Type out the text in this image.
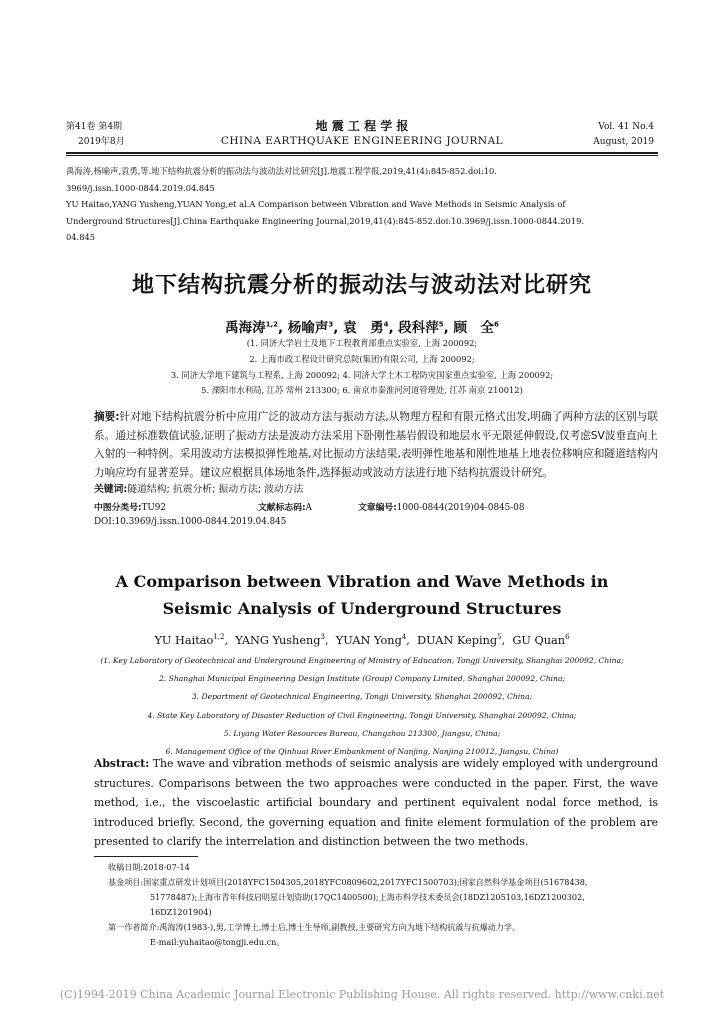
第41卷 第4期
2019年8月
地 震 工 程 学 报
CHINA EARTHQUAKE ENGINEERING JOURNAL
Vol. 41 No.4
August, 2019

禹海涛,杨喻声,袁勇,等.地下结构抗震分析的振动法与波动法对比研究[J].地震工程学报,2019,41(4):845-852.doi:10.

3969/j.issn.1000-0844.2019.04.845

YU Haitao,YANG Yusheng,YUAN Yong,et al.A Comparison between Vibration and Wave Methods in Seismic Analysis of

Underground Structures[J].China Earthquake Engineering Journal,2019,41(4):845-852.doi:10.3969/j.issn.1000-0844.2019.

04.845

地下结构抗震分析的振动法与波动法对比研究
禹海涛$^{1,2}$, 杨喻声$^3$, 袁　勇$^4$, 段科萍$^5$, 顾　全$^6$
(1. 同济大学岩土及地下工程教育部重点实验室, 上海 200092;
2. 上海市政工程设计研究总院(集团)有限公司, 上海 200092;
3. 同济大学地下建筑与工程系, 上海 200092; 4. 同济大学土木工程防灾国家重点实验室, 上海 200092;
5. 溧阳市水利局, 江苏 常州 213300; 6. 南京市秦淮河河道管理处, 江苏 南京 210012)
摘要:针对地下结构抗震分析中应用广泛的波动方法与振动方法,从物理方程和有限元格式出发,明确了两种方法的区别与联系。通过标准数值试验,证明了振动方法是波动方法采用下卧刚性基岩假设和地层水平无限延伸假设,仅考虑SV波垂直向上入射的一种特例。采用波动方法模拟弹性地基,对比振动方法结果,表明弹性地基和刚性地基上地表位移响应和隧道结构内力响应均有显著差异。建议应根据具体场地条件,选择振动或波动方法进行地下结构抗震设计研究。
关键词:隧道结构; 抗震分析; 振动方法; 波动方法
中图分类号:TU92	文献标志码:A	文章编号:1000-0844(2019)04-0845-08
DOI:10.3969/j.issn.1000-0844.2019.04.845
A Comparison between Vibration and Wave Methods in
Seismic Analysis of Underground Structures
YU Haitao$^{1,2}$,  YANG Yusheng$^3$,  YUAN Yong$^4$,  DUAN Keping$^5$,  GU Quan$^6$
(1. Key Laboratory of Geotechnical and Underground Engineering of Ministry of Education, Tongji University, Shanghai 200092, China;
2. Shanghai Municipal Engineering Design Institute (Group) Company Limited, Shanghai 200092, China;
3. Department of Geotechnical Engineering, Tongji University, Shanghai 200092, China;
4. State Key Laboratory of Disaster Reduction of Civil Engineering, Tongji University, Shanghai 200092, China;
5. Liyang Water Resources Bureau, Changzhou 213300, Jiangsu, China;
6. Management Office of the Qinhuai River Embankment of Nanjing, Nanjing 210012, Jiangsu, China)
Abstract: The wave and vibration methods of seismic analysis are widely employed with underground structures. Comparisons between the two approaches were conducted in the paper. First, the wave method, i.e., the viscoelastic artificial boundary and pertinent equivalent nodal force method, is introduced briefly. Second, the governing equation and finite element formulation of the problem are presented to clarify the interrelation and distinction between the two methods.

收稿日期:2018-07-14

基金项目:国家重点研发计划项目(2018YFC1504305,2018YFC0809602,2017YFC1500703);国家自然科学基金项目(51678438,

51778487);上海市青年科技启明星计划资助(17QC1400500);上海市科学技术委员会(18DZ1205103,16DZ1200302,

16DZ1201904)

第一作者简介:禹海涛(1983-),男,工学博士,博士后,博士生导师,副教授,主要研究方向为地下结构抗震与抗爆动力学。

E-mail:yuhaitao@tongji.edu.cn。

(C)1994-2019 China Academic Journal Electronic Publishing House. All rights reserved. http://www.cnki.net
